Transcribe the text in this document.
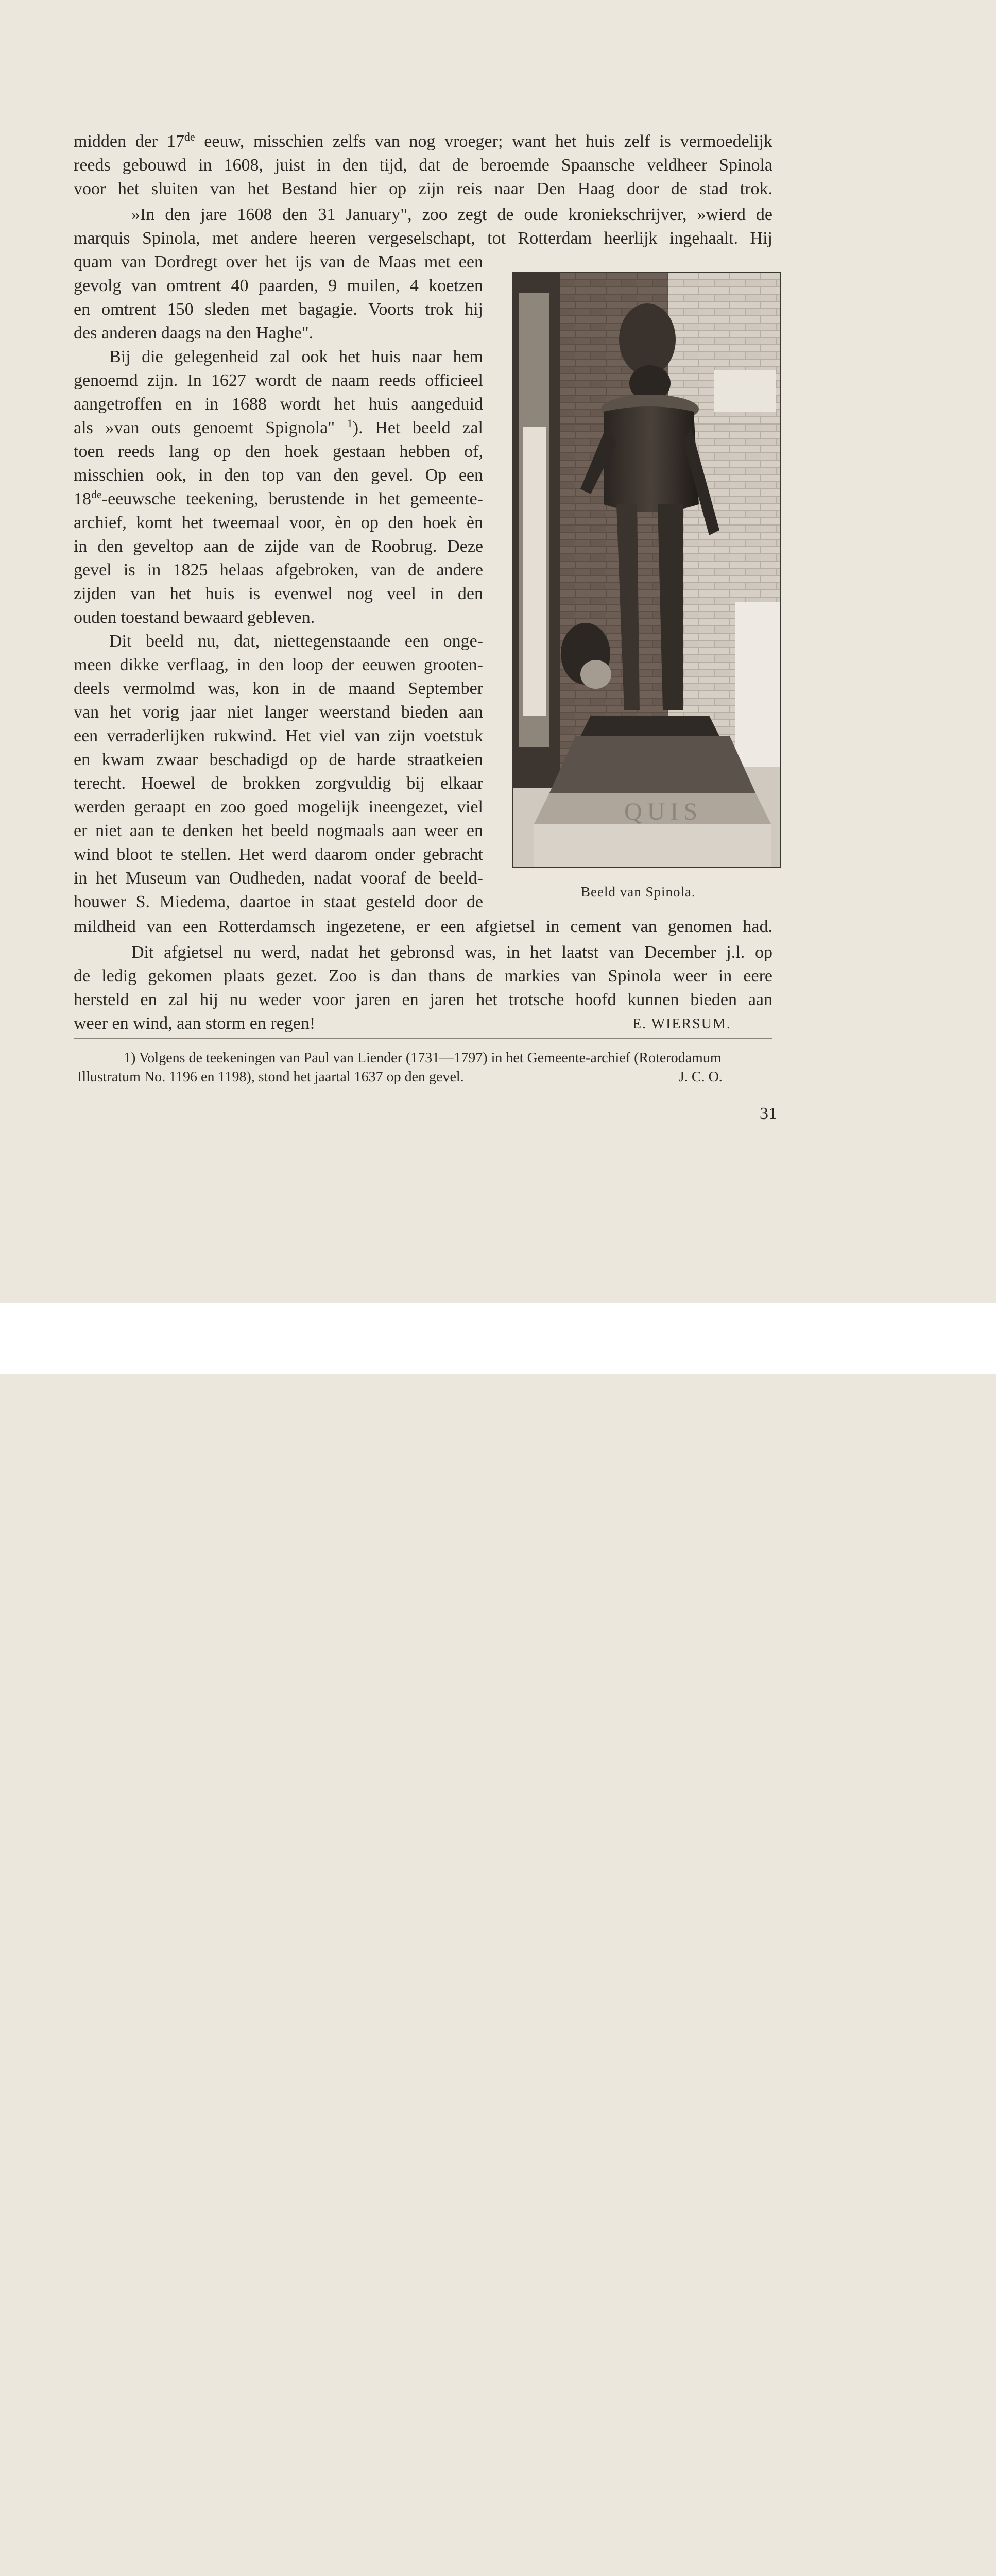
midden der 17de eeuw, misschien zelfs van nog vroeger; want het huis zelf is vermoedelijk
reeds gebouwd in 1608, juist in den tijd, dat de beroemde Spaansche veldheer Spinola
voor het sluiten van het Bestand hier op zijn reis naar Den Haag door de stad trok.
»In den jare 1608 den 31 January", zoo zegt de oude kroniekschrijver, »wierd de
marquis Spinola, met andere heeren vergeselschapt, tot Rotterdam heerlijk ingehaalt. Hij
quam van Dordregt over het ijs van de Maas met een
gevolg van omtrent 40 paarden, 9 muilen, 4 koetzen
en omtrent 150 sleden met bagagie. Voorts trok hij
des anderen daags na den Haghe".
Bij die gelegenheid zal ook het huis naar hem
genoemd zijn. In 1627 wordt de naam reeds officieel
aangetroffen en in 1688 wordt het huis aangeduid
als »van outs genoemt Spignola" $^1$). Het beeld zal
toen reeds lang op den hoek gestaan hebben of,
misschien ook, in den top van den gevel. Op een
18de-eeuwsche teekening, berustende in het gemeente-
archief, komt het tweemaal voor, èn op den hoek èn
in den geveltop aan de zijde van de Roobrug. Deze
gevel is in 1825 helaas afgebroken, van de andere
zijden van het huis is evenwel nog veel in den
ouden toestand bewaard gebleven.
Dit beeld nu, dat, niettegenstaande een onge-
meen dikke verflaag, in den loop der eeuwen grooten-
deels vermolmd was, kon in de maand September
van het vorig jaar niet langer weerstand bieden aan
een verraderlijken rukwind. Het viel van zijn voetstuk
en kwam zwaar beschadigd op de harde straatkeien
terecht. Hoewel de brokken zorgvuldig bij elkaar
werden geraapt en zoo goed mogelijk ineengezet, viel
er niet aan te denken het beeld nogmaals aan weer en
wind bloot te stellen. Het werd daarom onder gebracht
in het Museum van Oudheden, nadat vooraf de beeld-
houwer S. Miedema, daartoe in staat gesteld door de
mildheid van een Rotterdamsch ingezetene, er een afgietsel in cement van genomen had.
Dit afgietsel nu werd, nadat het gebronsd was, in het laatst van December j.l. op
de ledig gekomen plaats gezet. Zoo is dan thans de markies van Spinola weer in eere
hersteld en zal hij nu weder voor jaren en jaren het trotsche hoofd kunnen bieden aan
weer en wind, aan storm en regen!	E. WIERSUM.
QUIS
Beeld van Spinola.
1) Volgens de teekeningen van Paul van Liender (1731—1797) in het Gemeente-archief (Roterodamum
Illustratum No. 1196 en 1198), stond het jaartal 1637 op den gevel.	J. C. O.
31
